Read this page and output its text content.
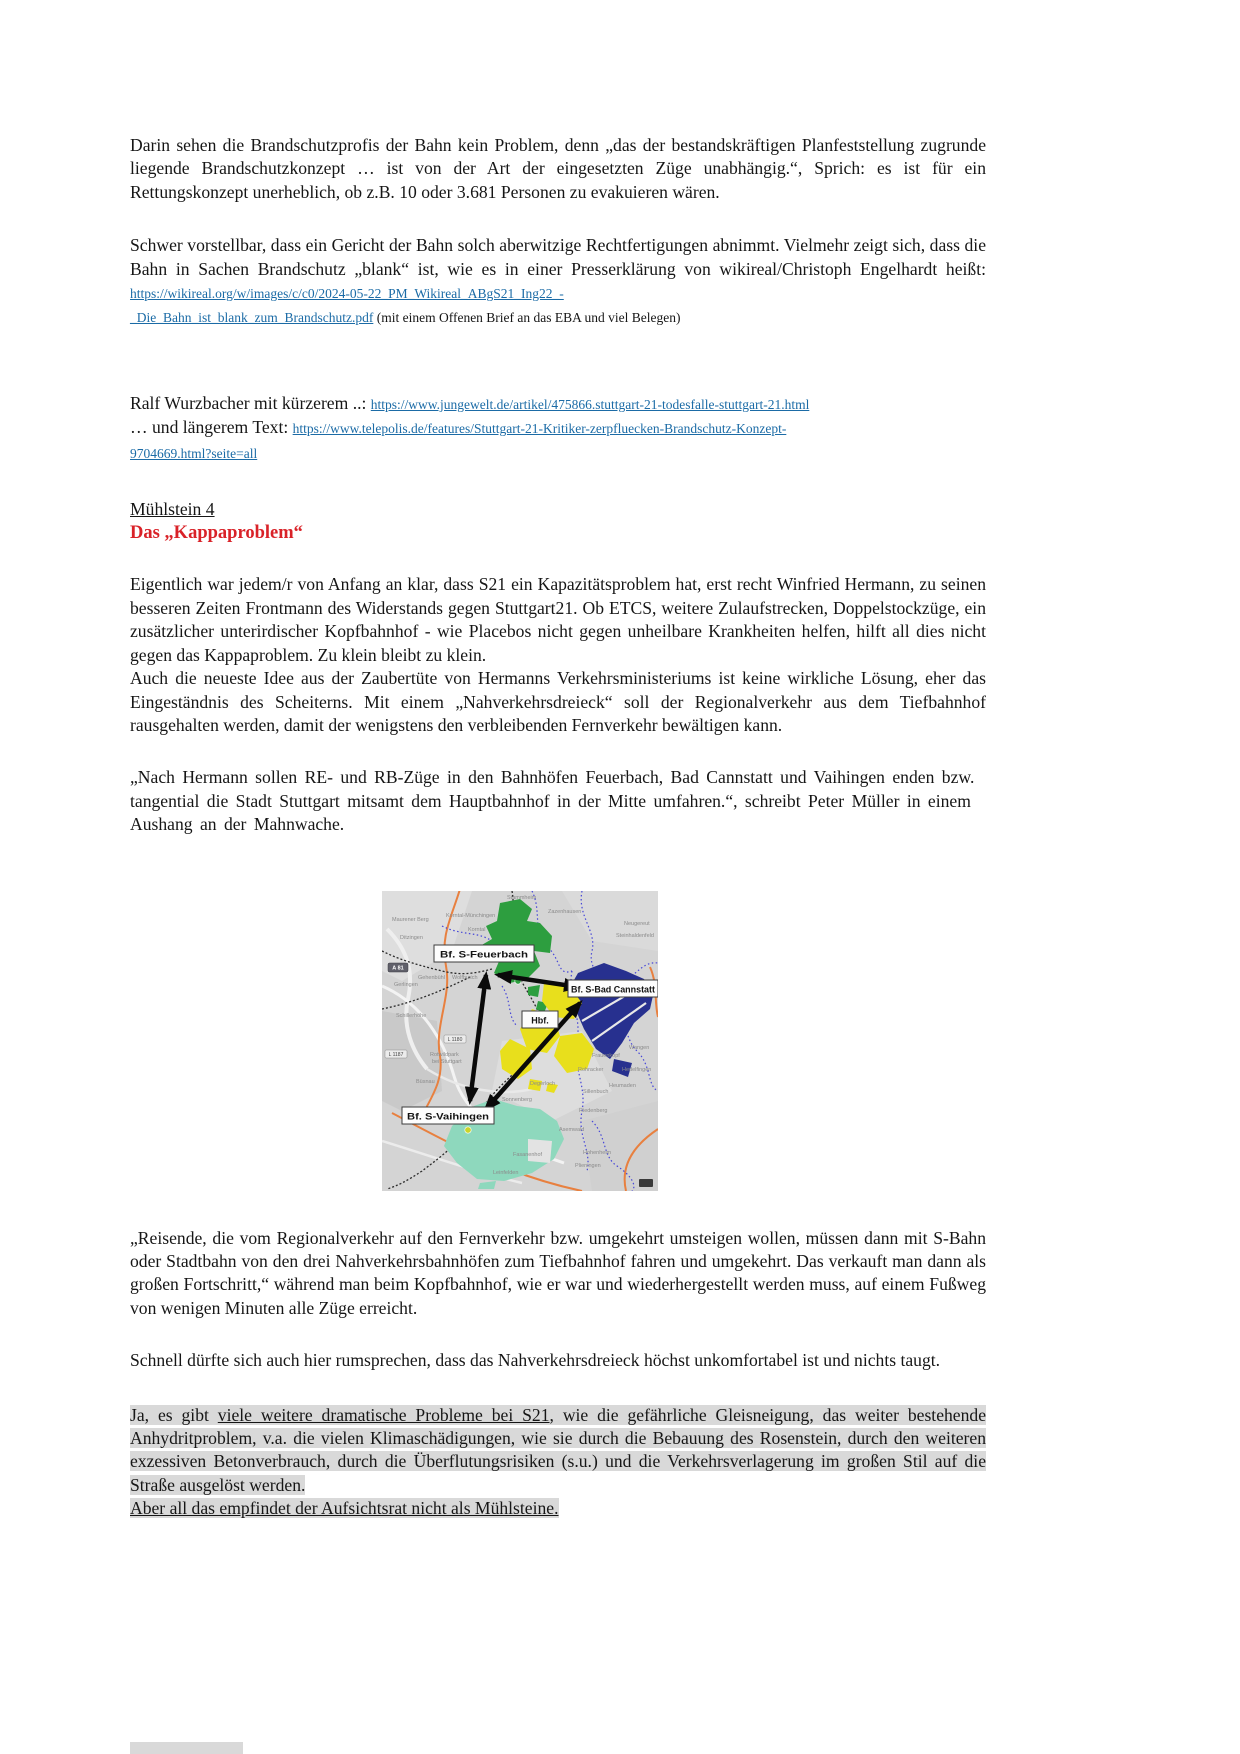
Darin sehen die Brandschutzprofis der Bahn kein Problem, denn „das der bestandskräftigen Planfeststellung zugrunde liegende Brandschutzkonzept … ist von der Art der eingesetzten Züge unabhängig.“, Sprich: es ist für ein Rettungskonzept unerheblich, ob z.B. 10 oder 3.681 Personen zu evakuieren wären.

Schwer vorstellbar, dass ein Gericht der Bahn solch aberwitzige Rechtfertigungen abnimmt. Vielmehr zeigt sich, dass die Bahn in Sachen Brandschutz „blank“ ist, wie es in einer Presserklärung von wikireal/Christoph Engelhardt heißt: https://wikireal.org/w/images/c/c0/2024-05-22_PM_Wikireal_ABgS21_Ing22_-
_Die_Bahn_ist_blank_zum_Brandschutz.pdf (mit einem Offenen Brief an das EBA und viel Belegen)

Ralf Wurzbacher mit kürzerem ..: https://www.jungewelt.de/artikel/475866.stuttgart-21-todesfalle-stuttgart-21.html
… und längerem Text: https://www.telepolis.de/features/Stuttgart-21-Kritiker-zerpfluecken-Brandschutz-Konzept-
9704669.html?seite=all

Mühlstein 4
Das „Kappaproblem“

Eigentlich war jedem/r von Anfang an klar, dass S21 ein Kapazitätsproblem hat, erst recht Winfried Hermann, zu seinen besseren Zeiten Frontmann des Widerstands gegen Stuttgart21. Ob ETCS, weitere Zulaufstrecken, Doppelstockzüge, ein zusätzlicher unterirdischer Kopfbahnhof - wie Placebos nicht gegen unheilbare Krankheiten helfen, hilft all dies nicht gegen das Kappaproblem. Zu klein bleibt zu klein.
Auch die neueste Idee aus der Zaubertüte von Hermanns Verkehrsministeriums ist keine wirkliche Lösung, eher das Eingeständnis des Scheiterns. Mit einem „Nahverkehrsdreieck“ soll der Regionalverkehr aus dem Tiefbahnhof rausgehalten werden, damit der wenigstens den verbleibenden Fernverkehr bewältigen kann.

„Nach Hermann sollen RE- und RB-Züge in den Bahnhöfen Feuerbach, Bad Cannstatt und Vaihingen enden bzw. tangential die Stadt Stuttgart mitsamt dem Hauptbahnhof in der Mitte umfahren.“, schreibt Peter Müller in einem Aushang an der Mahnwache.

A 81
L 1180
L 1187
Stammheim
Zazenhausen
Neugereut
Steinhaldenfeld
Korntal-Münchingen
Korntal
Maurener Berg
Ditzingen
Gehenbühl Wolfbusch
Gerlingen
Schillerhöhe
Rotwildpark
bei Stuttgart
Büsnau
Sonnenberg
Degerloch
Frauenkopf
Rohracker	Hedelfingen
Heumaden
Sillenbuch
Riedenberg
Asemwald
Hohenheim
Fasanenhof
Leinfelden
Plieningen
Wangen
Bf. S-Feuerbach
Bf. S-Bad Cannstatt
Hbf.
Bf. S-Vaihingen

„Reisende, die vom Regionalverkehr auf den Fernverkehr bzw. umgekehrt umsteigen wollen, müssen dann mit S-Bahn oder Stadtbahn von den drei Nahverkehrsbahnhöfen zum Tiefbahnhof fahren und umgekehrt. Das verkauft man dann als großen Fortschritt,“ während man beim Kopfbahnhof, wie er war und wiederhergestellt werden muss, auf einem Fußweg von wenigen Minuten alle Züge erreicht.

Schnell dürfte sich auch hier rumsprechen, dass das Nahverkehrsdreieck höchst unkomfortabel ist und nichts taugt.

Ja, es gibt viele weitere dramatische Probleme bei S21, wie die gefährliche Gleisneigung, das weiter bestehende Anhydritproblem, v.a. die vielen Klimaschädigungen, wie sie durch die Bebauung des Rosenstein, durch den weiteren exzessiven Betonverbrauch, durch die Überflutungsrisiken (s.u.) und die Verkehrsverlagerung im großen Stil auf die Straße ausgelöst werden.
Aber all das empfindet der Aufsichtsrat nicht als Mühlsteine.
